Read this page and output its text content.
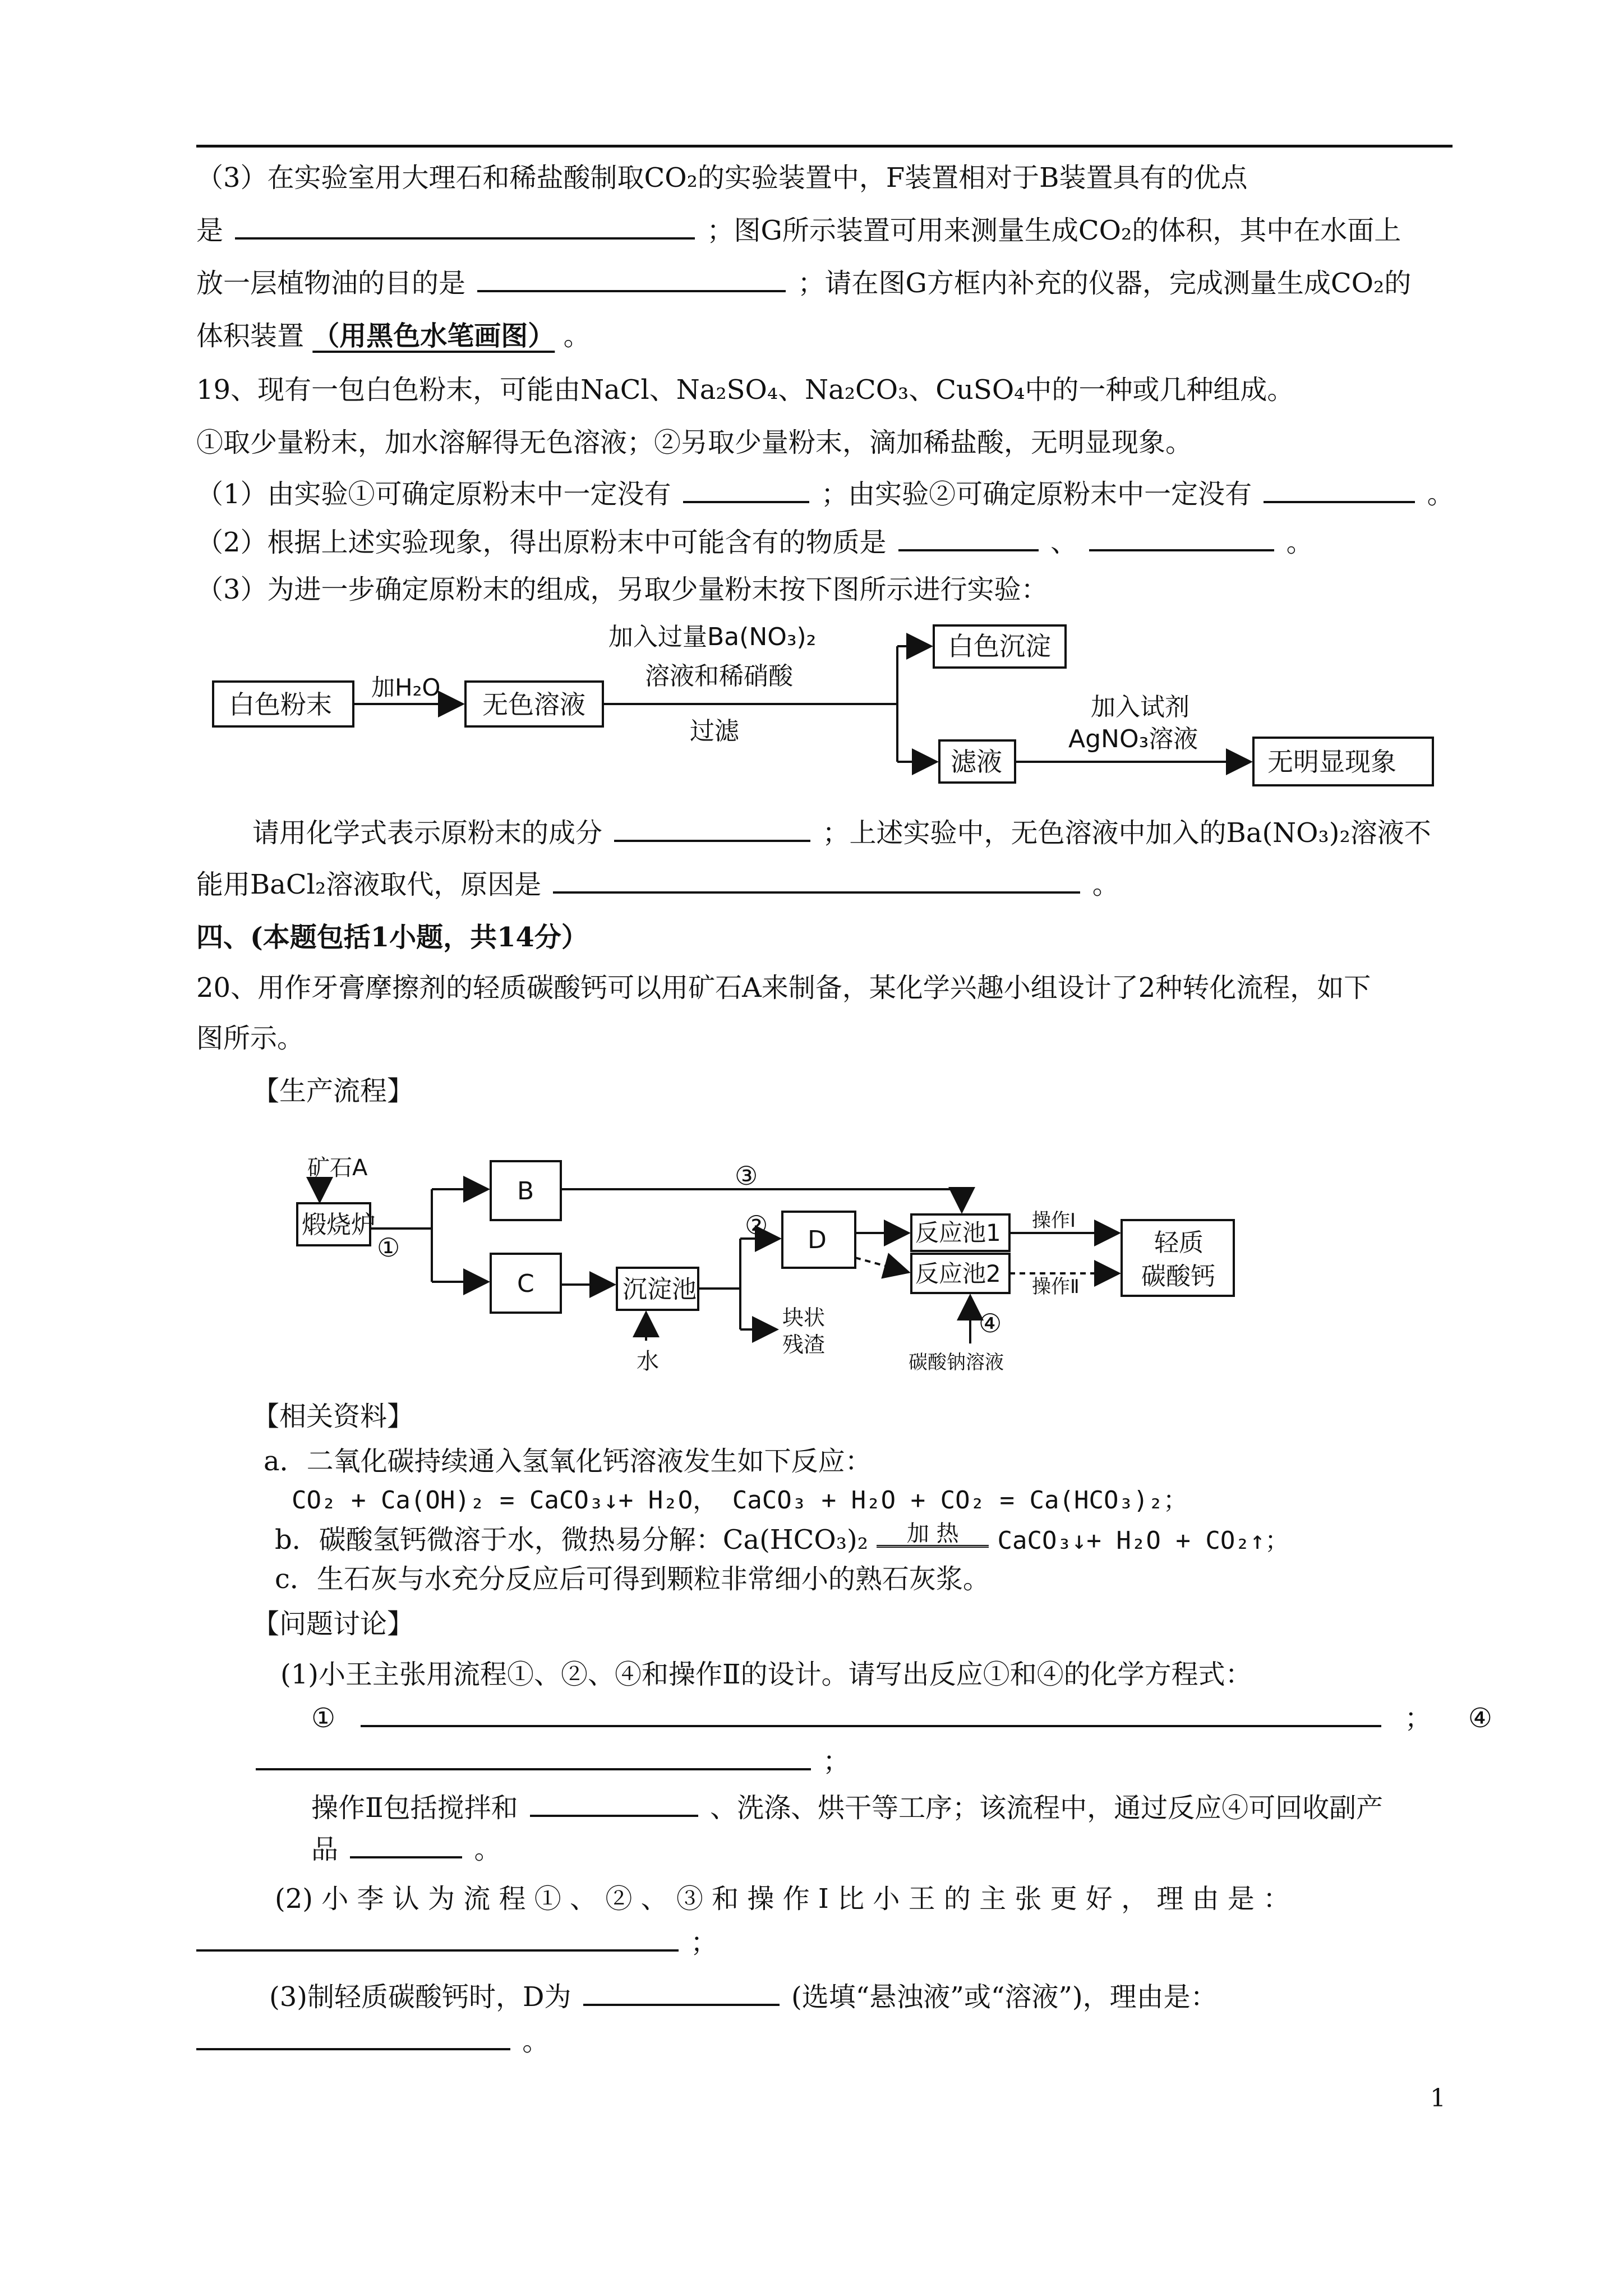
（3）在实验室用大理石和稀盐酸制取CO₂的实验装置中，F装置相对于B装置具有的优点
是	；图G所示装置可用来测量生成CO₂的体积，其中在水面上
放一层植物油的目的是	；请在图G方框内补充的仪器，完成测量生成CO₂的
体积装置 （用黑色水笔画图） 。
19、现有一包白色粉末，可能由NaCl、Na₂SO₄、Na₂CO₃、CuSO₄中的一种或几种组成。
①取少量粉末，加水溶解得无色溶液；②另取少量粉末，滴加稀盐酸，无明显现象。
（1）由实验①可确定原粉末中一定没有	；由实验②可确定原粉末中一定没有	。
（2）根据上述实验现象，得出原粉末中可能含有的物质是	、	。
（3）为进一步确定原粉末的组成，另取少量粉末按下图所示进行实验：
白色粉末	无色溶液
加H₂O
加入过量Ba(NO₃)₂
溶液和稀硝酸
过滤
白色沉淀
滤液
加入试剂
AgNO₃溶液
无明显现象
请用化学式表示原粉末的成分	；上述实验中，无色溶液中加入的Ba(NO₃)₂溶液不
能用BaCl₂溶液取代，原因是	。
四、(本题包括1小题，共14分）
20、用作牙膏摩擦剂的轻质碳酸钙可以用矿石A来制备，某化学兴趣小组设计了2种转化流程，如下
图所示。
【生产流程】
矿石A
煅烧炉
B
C	沉淀池
水
D
块状
残渣
反应池1
反应池2
操作Ⅰ
操作Ⅱ
轻质
碳酸钙
碳酸钠溶液
①
②
③
④
【相关资料】
a．二氧化碳持续通入氢氧化钙溶液发生如下反应：
CO₂ + Ca(OH)₂ = CaCO₃↓+ H₂O， CaCO₃ + H₂O + CO₂ = Ca(HCO₃)₂；
b．碳酸氢钙微溶于水，微热易分解：Ca(HCO₃)₂ 加 热 CaCO₃↓+ H₂O + CO₂↑；
c．生石灰与水充分反应后可得到颗粒非常细小的熟石灰浆。
【问题讨论】
(1)小王主张用流程①、②、④和操作Ⅱ的设计。请写出反应①和④的化学方程式：
①	； ④
；
操作Ⅱ包括搅拌和	、洗涤、烘干等工序；该流程中，通过反应④可回收副产
品	。
(2) 小 李 认 为 流 程 ① 、 ② 、 ③ 和 操 作 Ⅰ 比 小 王 的 主 张 更 好 ， 理 由 是 ：
；
(3)制轻质碳酸钙时，D为	(选填“悬浊液”或“溶液”)，理由是：
。
1
